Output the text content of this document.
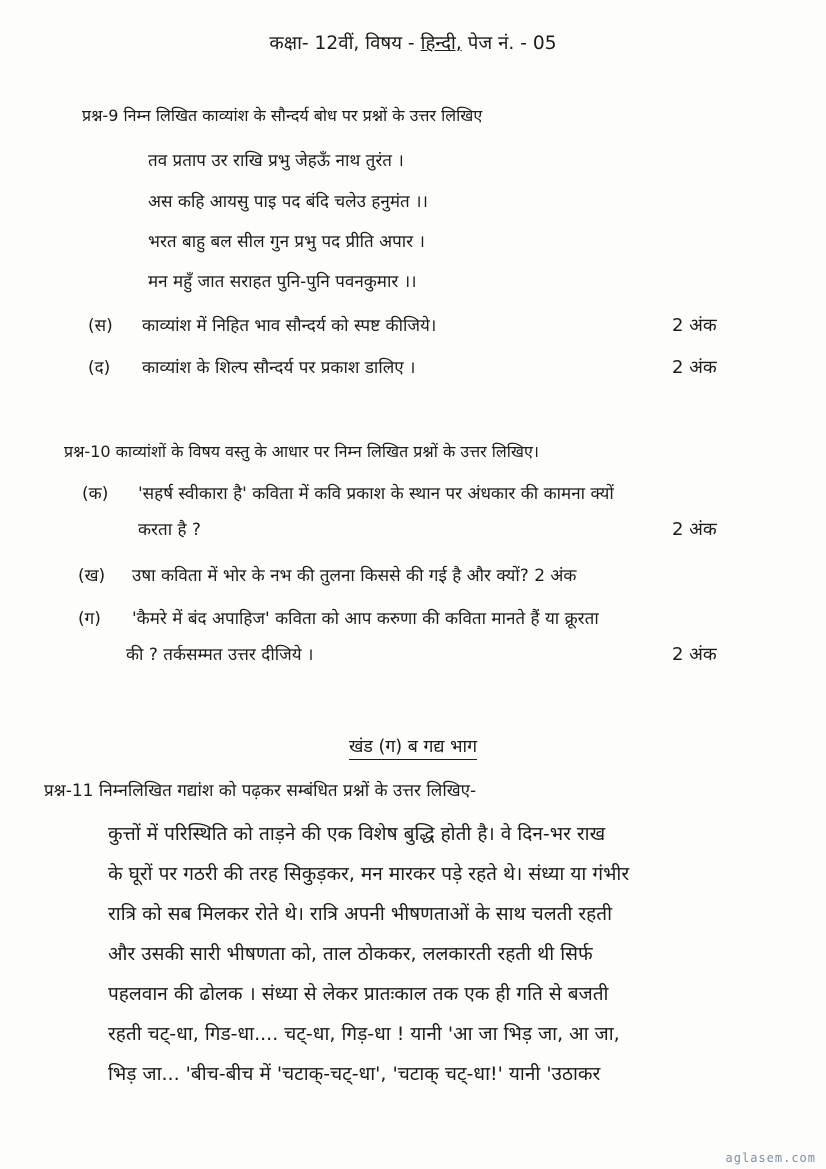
कक्षा- 12वीं, विषय - हिन्दी, पेज नं. - 05
प्रश्न-9 निम्न लिखित काव्यांश के सौन्दर्य बोध पर प्रश्नों के उत्तर लिखिए
तव प्रताप उर राखि प्रभु जेहऊँ नाथ तुरंत ।
अस कहि आयसु पाइ पद बंदि चलेउ हनुमंत ।।
भरत बाहु बल सील गुन प्रभु पद प्रीति अपार ।
मन महुँ जात सराहत पुनि-पुनि पवनकुमार ।।
(स) काव्यांश में निहित भाव सौन्दर्य को स्पष्ट कीजिये।	2 अंक
(द) काव्यांश के शिल्प सौन्दर्य पर प्रकाश डालिए ।	2 अंक
प्रश्न-10 काव्यांशों के विषय वस्तु के आधार पर निम्न लिखित प्रश्नों के उत्तर लिखिए।
(क) 'सहर्ष स्वीकारा है' कविता में कवि प्रकाश के स्थान पर अंधकार की कामना क्यों
करता है ?	2 अंक
(ख) उषा कविता में भोर के नभ की तुलना किससे की गई है और क्यों? 2 अंक
(ग) 'कैमरे में बंद अपाहिज' कविता को आप करुणा की कविता मानते हैं या क्रूरता
की ? तर्कसम्मत उत्तर दीजिये ।	2 अंक
खंड (ग) ब गद्य भाग
प्रश्न-11 निम्नलिखित गद्यांश को पढ़कर सम्बंधित प्रश्नों के उत्तर लिखिए-
कुत्तों में परिस्थिति को ताड़ने की एक विशेष बुद्धि होती है। वे दिन-भर राख
के घूरों पर गठरी की तरह सिकुड़कर, मन मारकर पड़े रहते थे। संध्या या गंभीर
रात्रि को सब मिलकर रोते थे। रात्रि अपनी भीषणताओं के साथ चलती रहती
और उसकी सारी भीषणता को, ताल ठोककर, ललकारती रहती थी सिर्फ
पहलवान की ढोलक । संध्या से लेकर प्रातःकाल तक एक ही गति से बजती
रहती चट्-धा, गिड-धा.... चट्-धा, गिड़-धा ! यानी 'आ जा भिड़ जा, आ जा,
भिड़ जा... 'बीच-बीच में 'चटाक्-चट्-धा', 'चटाक् चट्-धा!' यानी 'उठाकर
aglasem.com
